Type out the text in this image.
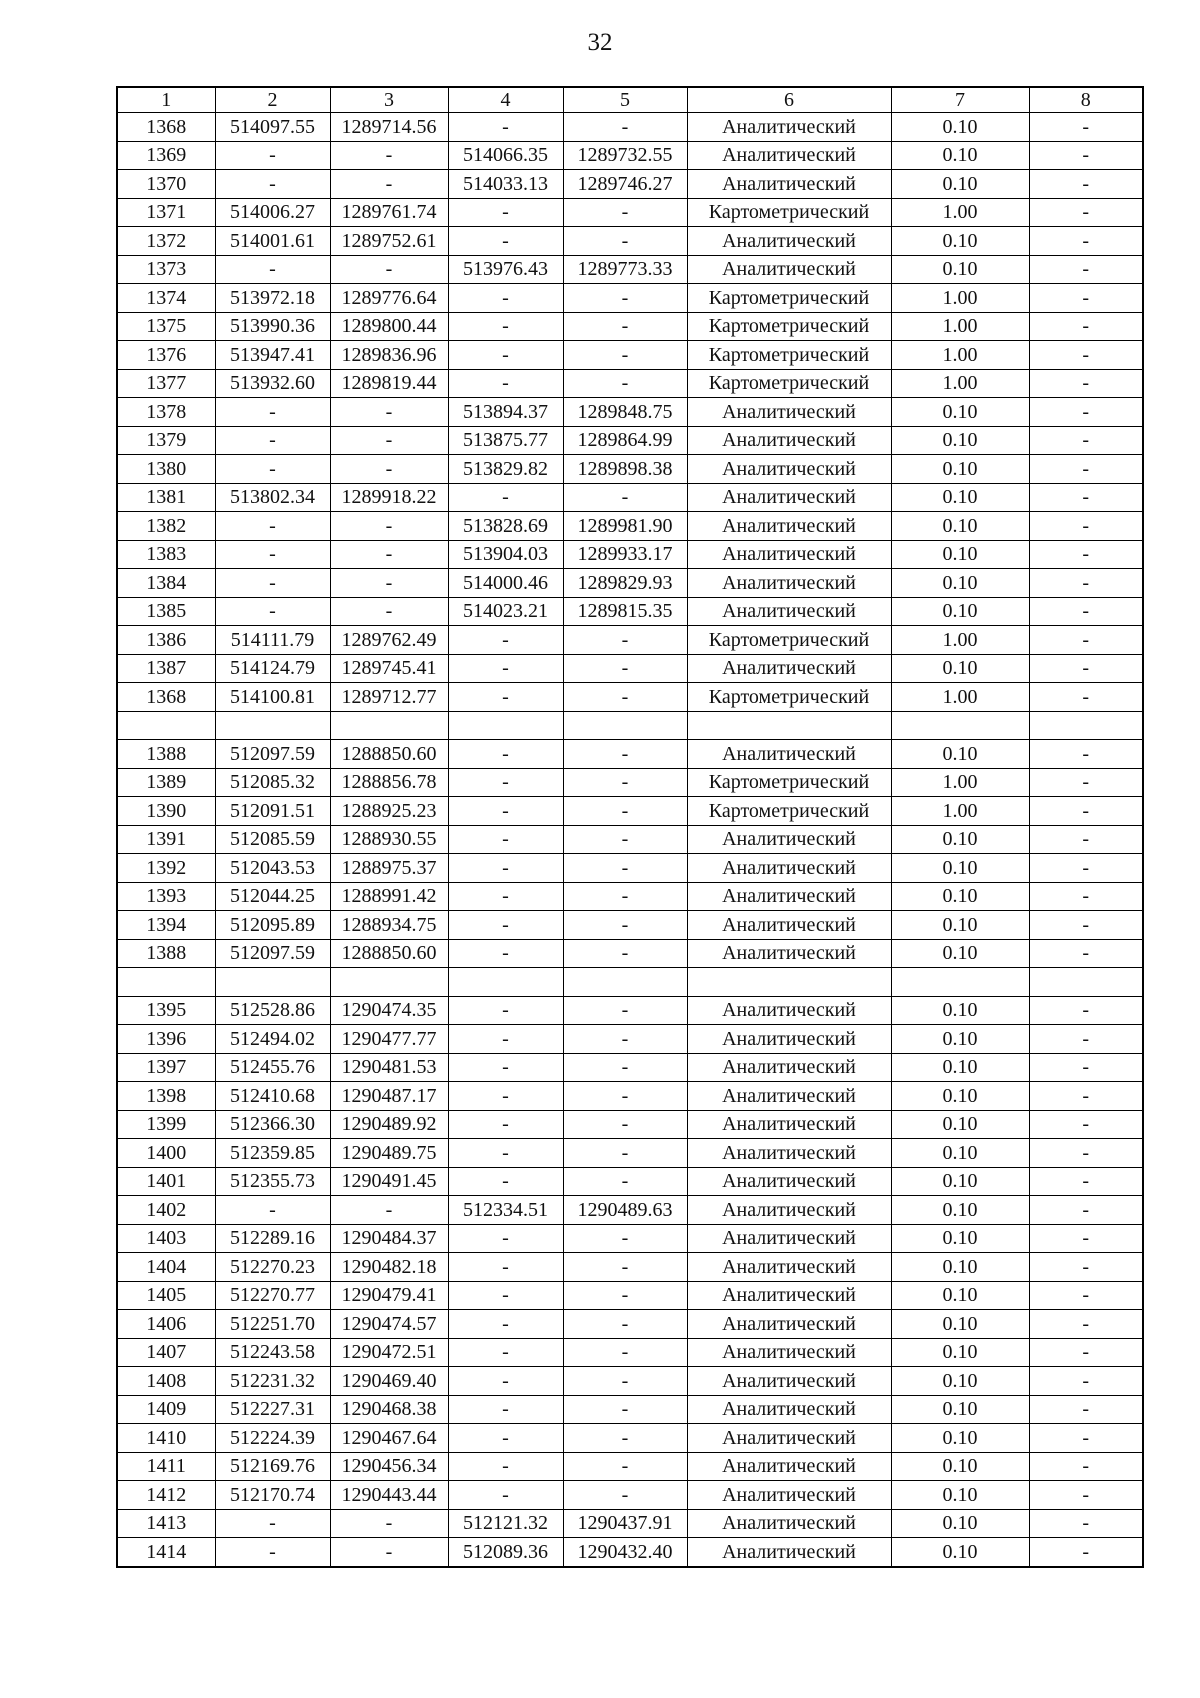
32
1	2	3	4	5	6	7	8
1368	514097.55	1289714.56	-	-	Аналитический	0.10	-
1369	-	-	514066.35	1289732.55	Аналитический	0.10	-
1370	-	-	514033.13	1289746.27	Аналитический	0.10	-
1371	514006.27	1289761.74	-	-	Картометрический	1.00	-
1372	514001.61	1289752.61	-	-	Аналитический	0.10	-
1373	-	-	513976.43	1289773.33	Аналитический	0.10	-
1374	513972.18	1289776.64	-	-	Картометрический	1.00	-
1375	513990.36	1289800.44	-	-	Картометрический	1.00	-
1376	513947.41	1289836.96	-	-	Картометрический	1.00	-
1377	513932.60	1289819.44	-	-	Картометрический	1.00	-
1378	-	-	513894.37	1289848.75	Аналитический	0.10	-
1379	-	-	513875.77	1289864.99	Аналитический	0.10	-
1380	-	-	513829.82	1289898.38	Аналитический	0.10	-
1381	513802.34	1289918.22	-	-	Аналитический	0.10	-
1382	-	-	513828.69	1289981.90	Аналитический	0.10	-
1383	-	-	513904.03	1289933.17	Аналитический	0.10	-
1384	-	-	514000.46	1289829.93	Аналитический	0.10	-
1385	-	-	514023.21	1289815.35	Аналитический	0.10	-
1386	514111.79	1289762.49	-	-	Картометрический	1.00	-
1387	514124.79	1289745.41	-	-	Аналитический	0.10	-
1368	514100.81	1289712.77	-	-	Картометрический	1.00	-

1388	512097.59	1288850.60	-	-	Аналитический	0.10	-
1389	512085.32	1288856.78	-	-	Картометрический	1.00	-
1390	512091.51	1288925.23	-	-	Картометрический	1.00	-
1391	512085.59	1288930.55	-	-	Аналитический	0.10	-
1392	512043.53	1288975.37	-	-	Аналитический	0.10	-
1393	512044.25	1288991.42	-	-	Аналитический	0.10	-
1394	512095.89	1288934.75	-	-	Аналитический	0.10	-
1388	512097.59	1288850.60	-	-	Аналитический	0.10	-

1395	512528.86	1290474.35	-	-	Аналитический	0.10	-
1396	512494.02	1290477.77	-	-	Аналитический	0.10	-
1397	512455.76	1290481.53	-	-	Аналитический	0.10	-
1398	512410.68	1290487.17	-	-	Аналитический	0.10	-
1399	512366.30	1290489.92	-	-	Аналитический	0.10	-
1400	512359.85	1290489.75	-	-	Аналитический	0.10	-
1401	512355.73	1290491.45	-	-	Аналитический	0.10	-
1402	-	-	512334.51	1290489.63	Аналитический	0.10	-
1403	512289.16	1290484.37	-	-	Аналитический	0.10	-
1404	512270.23	1290482.18	-	-	Аналитический	0.10	-
1405	512270.77	1290479.41	-	-	Аналитический	0.10	-
1406	512251.70	1290474.57	-	-	Аналитический	0.10	-
1407	512243.58	1290472.51	-	-	Аналитический	0.10	-
1408	512231.32	1290469.40	-	-	Аналитический	0.10	-
1409	512227.31	1290468.38	-	-	Аналитический	0.10	-
1410	512224.39	1290467.64	-	-	Аналитический	0.10	-
1411	512169.76	1290456.34	-	-	Аналитический	0.10	-
1412	512170.74	1290443.44	-	-	Аналитический	0.10	-
1413	-	-	512121.32	1290437.91	Аналитический	0.10	-
1414	-	-	512089.36	1290432.40	Аналитический	0.10	-
